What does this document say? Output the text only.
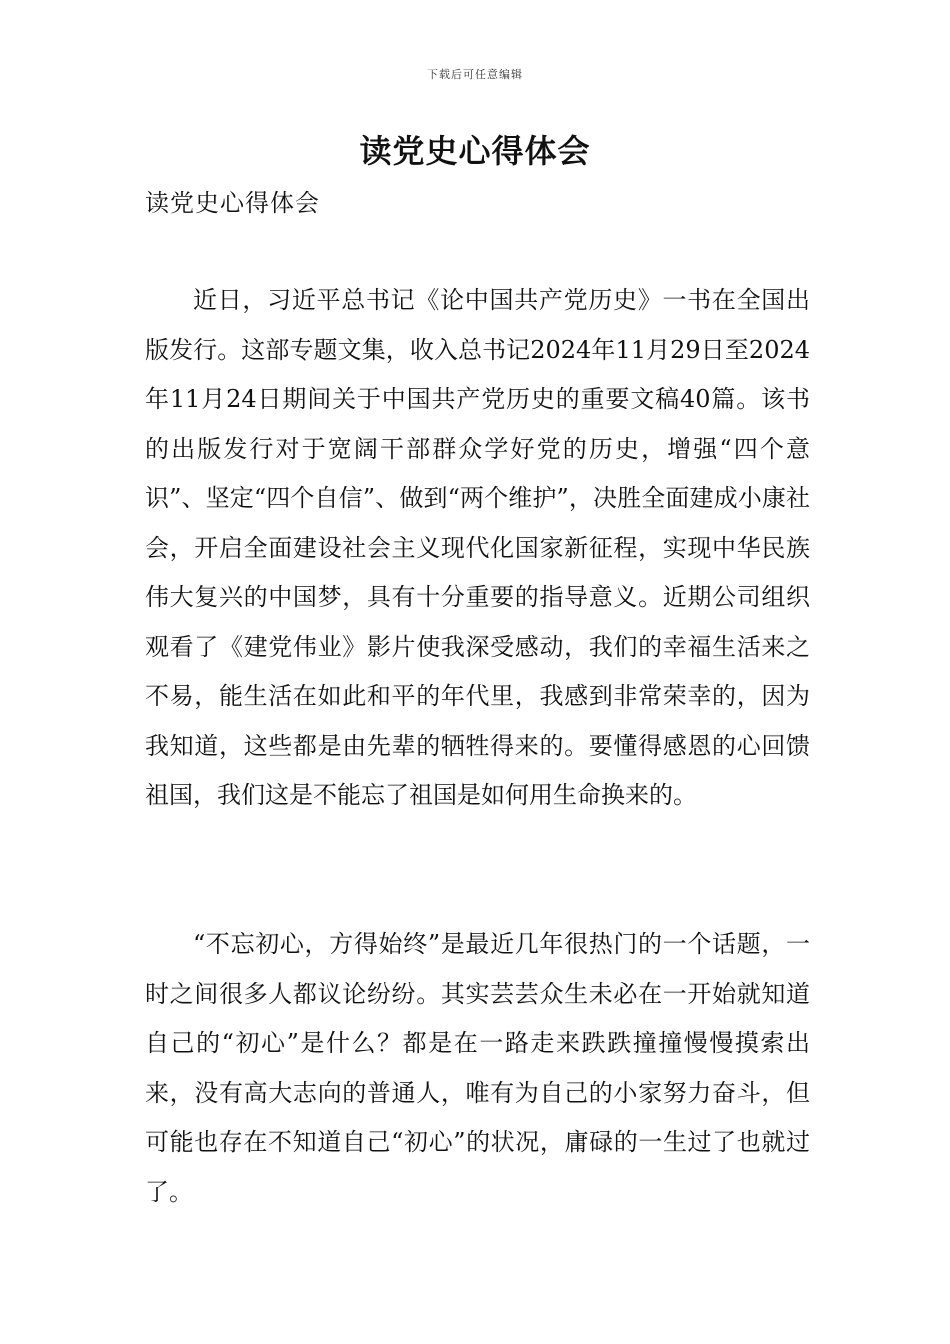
下载后可任意编辑
读党史心得体会

读党史心得体会

近日，习近平总书记《论中国共产党历史》一书在全国出版发行。这部专题文集，收入总书记2024年11月29日至2024年11月24日期间关于中国共产党历史的重要文稿40篇。该书的出版发行对于宽阔干部群众学好党的历史，增强“四个意识”、坚定“四个自信”、做到“两个维护”，决胜全面建成小康社会，开启全面建设社会主义现代化国家新征程，实现中华民族伟大复兴的中国梦，具有十分重要的指导意义。近期公司组织观看了《建党伟业》影片使我深受感动，我们的幸福生活来之不易，能生活在如此和平的年代里，我感到非常荣幸的，因为我知道，这些都是由先辈的牺牲得来的。要懂得感恩的心回馈祖国，我们这是不能忘了祖国是如何用生命换来的。

“不忘初心，方得始终”是最近几年很热门的一个话题，一时之间很多人都议论纷纷。其实芸芸众生未必在一开始就知道自己的“初心”是什么？都是在一路走来跌跌撞撞慢慢摸索出来，没有高大志向的普通人，唯有为自己的小家努力奋斗，但可能也存在不知道自己“初心”的状况，庸碌的一生过了也就过了。
